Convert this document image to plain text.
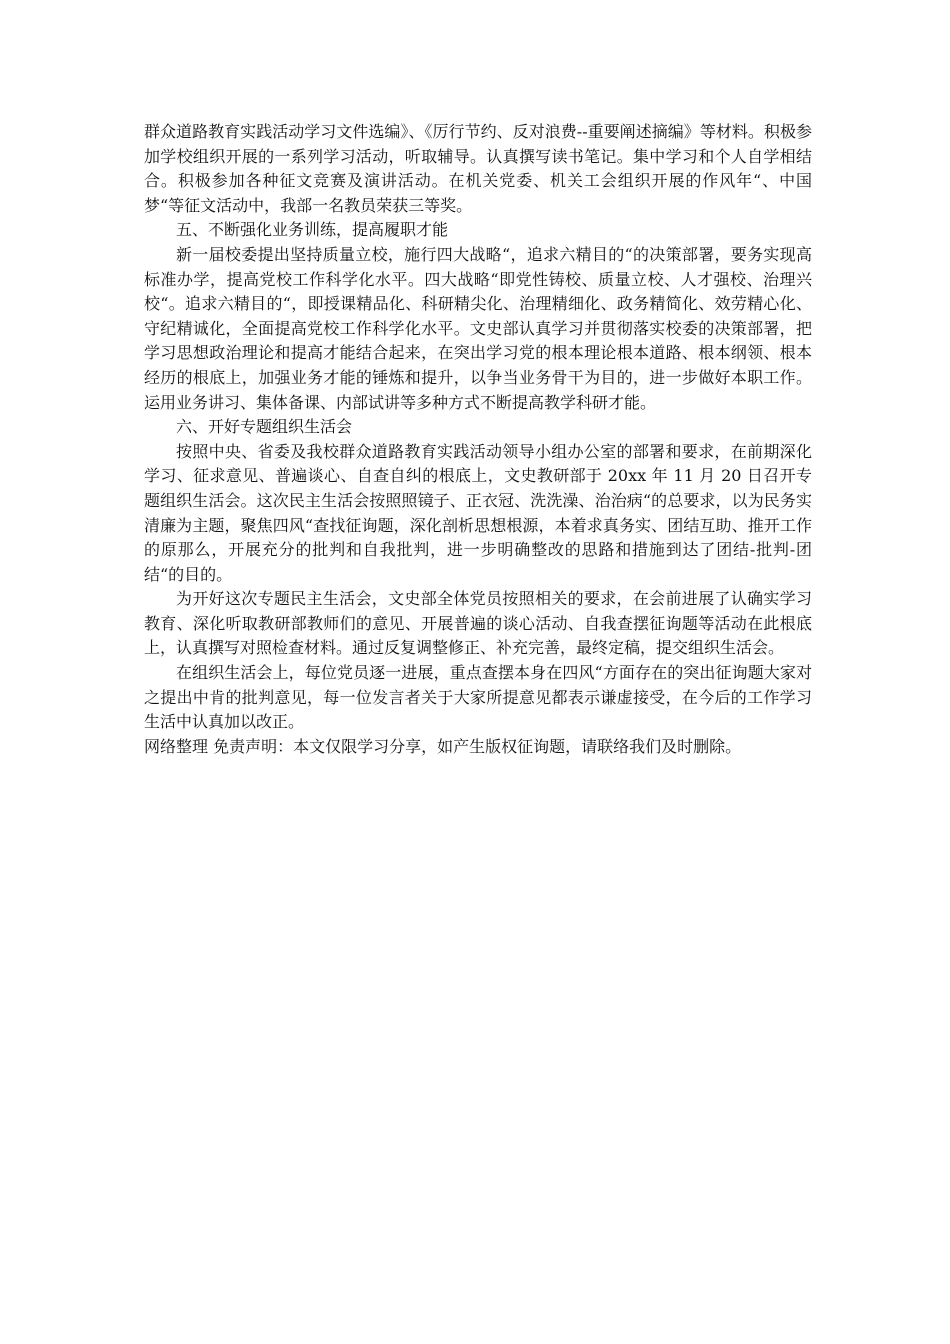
群众道路教育实践活动学习文件选编》、《厉行节约、反对浪费--重要阐述摘编》等材料。积极参加学校组织开展的一系列学习活动，听取辅导。认真撰写读书笔记。集中学习和个人自学相结合。积极参加各种征文竞赛及演讲活动。在机关党委、机关工会组织开展的作风年“、中国梦“等征文活动中，我部一名教员荣获三等奖。

五、不断强化业务训练，提高履职才能

新一届校委提出坚持质量立校，施行四大战略“，追求六精目的“的决策部署，要务实现高标准办学，提高党校工作科学化水平。四大战略“即党性铸校、质量立校、人才强校、治理兴校“。追求六精目的“，即授课精品化、科研精尖化、治理精细化、政务精简化、效劳精心化、守纪精诚化，全面提高党校工作科学化水平。文史部认真学习并贯彻落实校委的决策部署，把学习思想政治理论和提高才能结合起来，在突出学习党的根本理论根本道路、根本纲领、根本经历的根底上，加强业务才能的锤炼和提升，以争当业务骨干为目的，进一步做好本职工作。运用业务讲习、集体备课、内部试讲等多种方式不断提高教学科研才能。

六、开好专题组织生活会

按照中央、省委及我校群众道路教育实践活动领导小组办公室的部署和要求，在前期深化学习、征求意见、普遍谈心、自查自纠的根底上，文史教研部于 20xx 年 11 月 20 日召开专题组织生活会。这次民主生活会按照照镜子、正衣冠、洗洗澡、治治病“的总要求，以为民务实清廉为主题，聚焦四风“查找征询题，深化剖析思想根源，本着求真务实、团结互助、推开工作的原那么，开展充分的批判和自我批判，进一步明确整改的思路和措施到达了团结-批判-团结“的目的。

为开好这次专题民主生活会，文史部全体党员按照相关的要求，在会前进展了认确实学习教育、深化听取教研部教师们的意见、开展普遍的谈心活动、自我查摆征询题等活动在此根底上，认真撰写对照检查材料。通过反复调整修正、补充完善，最终定稿，提交组织生活会。

在组织生活会上，每位党员逐一进展，重点查摆本身在四风“方面存在的突出征询题大家对之提出中肯的批判意见，每一位发言者关于大家所提意见都表示谦虚接受，在今后的工作学习生活中认真加以改正。

网络整理 免责声明：本文仅限学习分享，如产生版权征询题，请联络我们及时删除。
